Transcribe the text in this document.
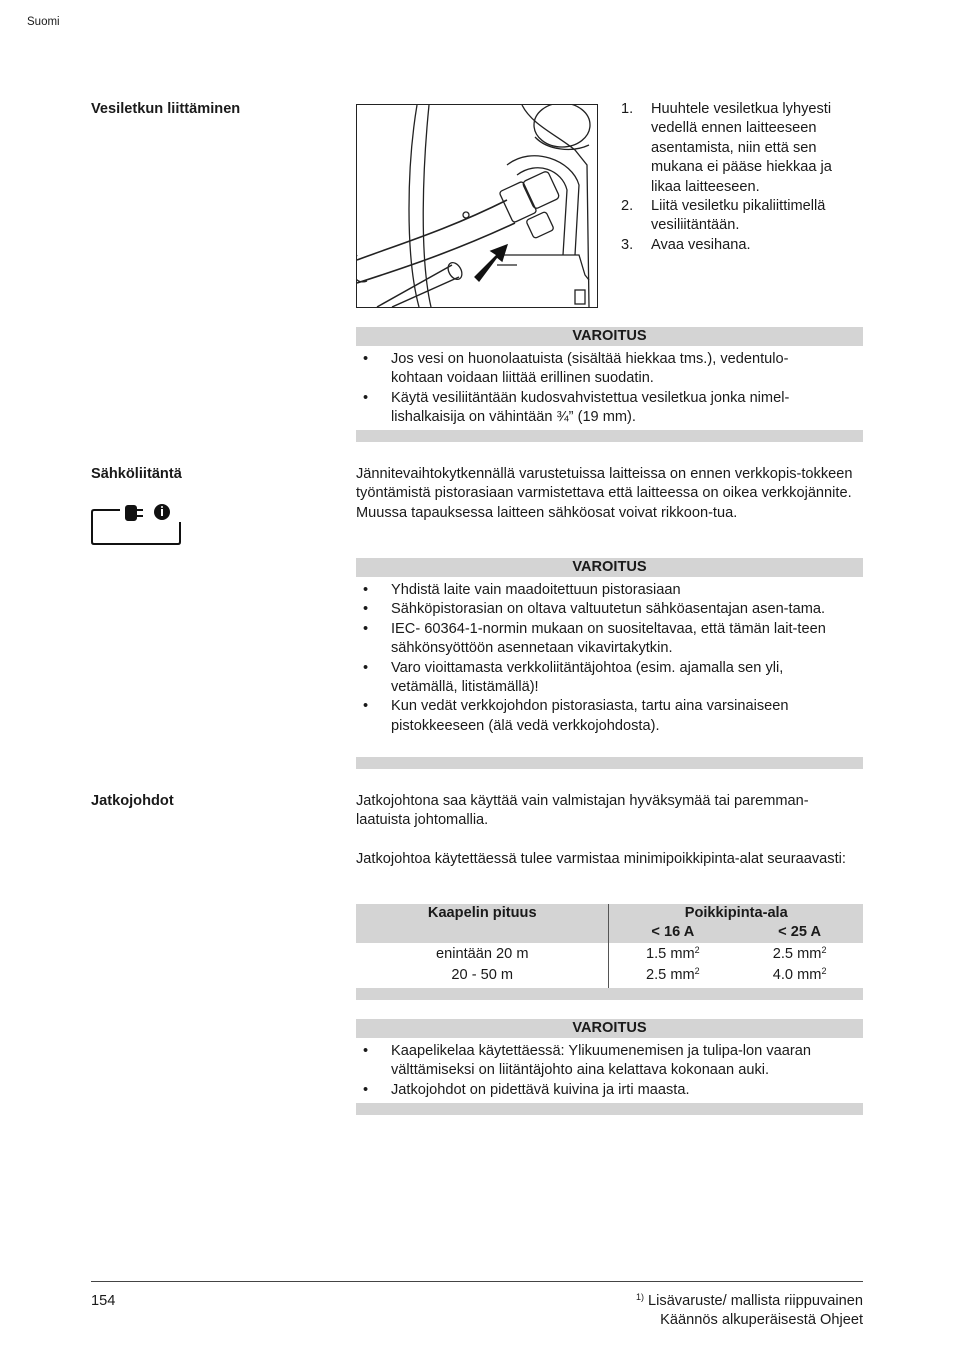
Suomi
Vesiletkun liittäminen	1. Huuhtele vesiletkua lyhyesti vedellä ennen laitteeseen asentamista, niin että sen mukana ei pääse hiekkaa ja likaa laitteeseen.
2. Liitä vesiletku pikaliittimellä vesiliitäntään.
3. Avaa vesihana.
VAROITUS
• Jos vesi on huonolaatuista (sisältää hiekkaa tms.), vedentulo-kohtaan voidaan liittää erillinen suodatin.
• Käytä vesiliitäntään kudosvahvistettua vesiletkua jonka nimel-lishalkaisija on vähintään ¾” (19 mm).
Sähköliitäntä	Jännitevaihtokytkennällä varustetuissa laitteissa on ennen verkkopis-tokkeen työntämistä pistorasiaan varmistettava että laitteessa on oikea verkkojännite. Muussa tapauksessa laitteen sähköosat voivat rikkoon-tua.

VAROITUS
• Yhdistä laite vain maadoitettuun pistorasiaan
• Sähköpistorasian on oltava valtuutetun sähköasentajan asen-tama.
• IEC- 60364-1-normin mukaan on suositeltavaa, että tämän lait-teen sähkönsyöttöön asennetaan vikavirtakytkin.
• Varo vioittamasta verkkoliitäntäjohtoa (esim. ajamalla sen yli, vetämällä, litistämällä)!
• Kun vedät verkkojohdon pistorasiasta, tartu aina varsinaiseen pistokkeeseen (älä vedä verkkojohdosta).
Jatkojohdot	Jatkojohtona saa käyttää vain valmistajan hyväksymää tai paremman-laatuista johtomallia.

Jatkojohtoa käytettäessä tulee varmistaa minimipoikkipinta-alat seuraavasti:

Kaapelin pituus	Poikkipinta-ala	
	< 16 A	< 25 A
enintään 20 m	1.5 $mm^2$	2.5 $mm^2$
20 - 50 m	2.5 $mm^2$	4.0 $mm^2$
VAROITUS
• Kaapelikelaa käytettäessä: Ylikuumenemisen ja tulipa-lon vaaran välttämiseksi on liitäntäjohto aina kelattava kokonaan auki.
• Jatkojohdot on pidettävä kuivina ja irti maasta.
154	$^{1)}$ Lisävaruste/ mallista riippuvainen
Käännös alkuperäisestä Ohjeet
